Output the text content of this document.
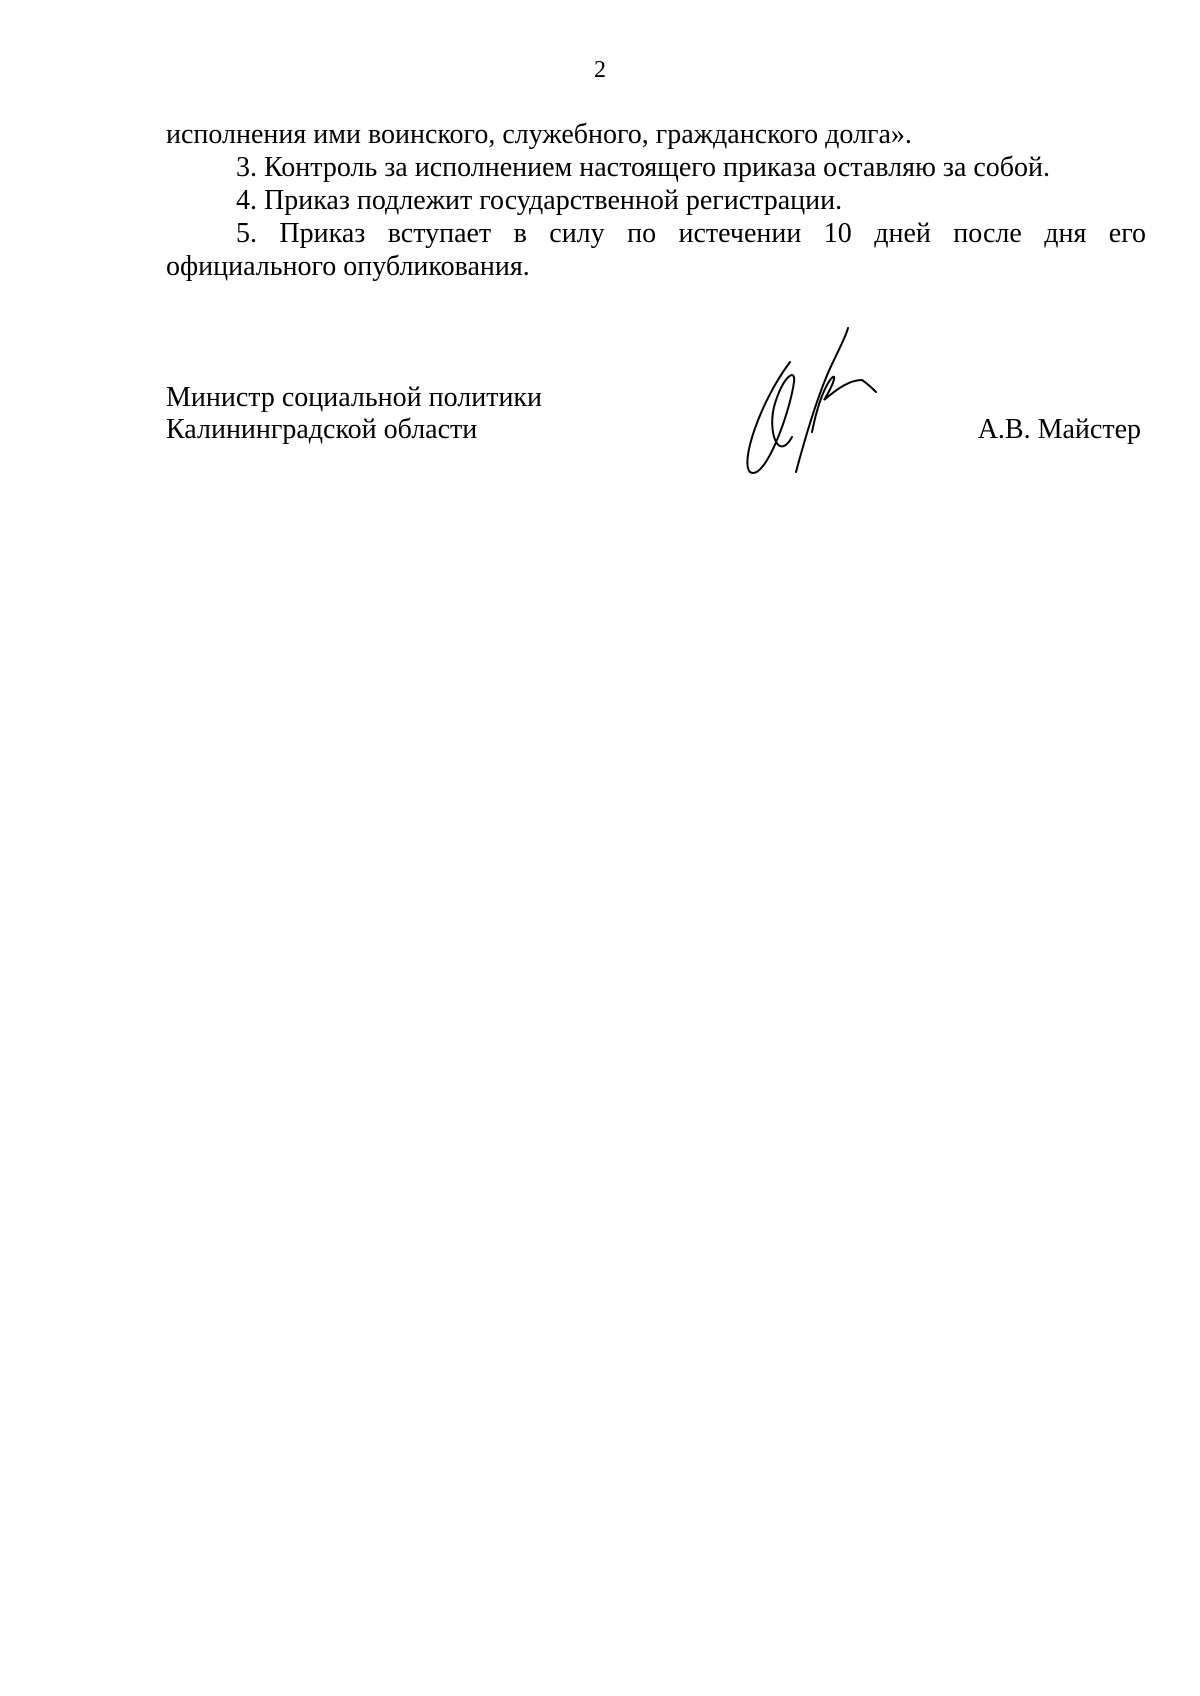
2

исполнения ими воинского, служебного, гражданского долга».

3. Контроль за исполнением настоящего приказа оставляю за собой.

4. Приказ подлежит государственной регистрации.

5. Приказ вступает в силу по истечении 10 дней после дня его официального опубликования.

Министр социальной политики
Калининградской области	А.В. Майстер
